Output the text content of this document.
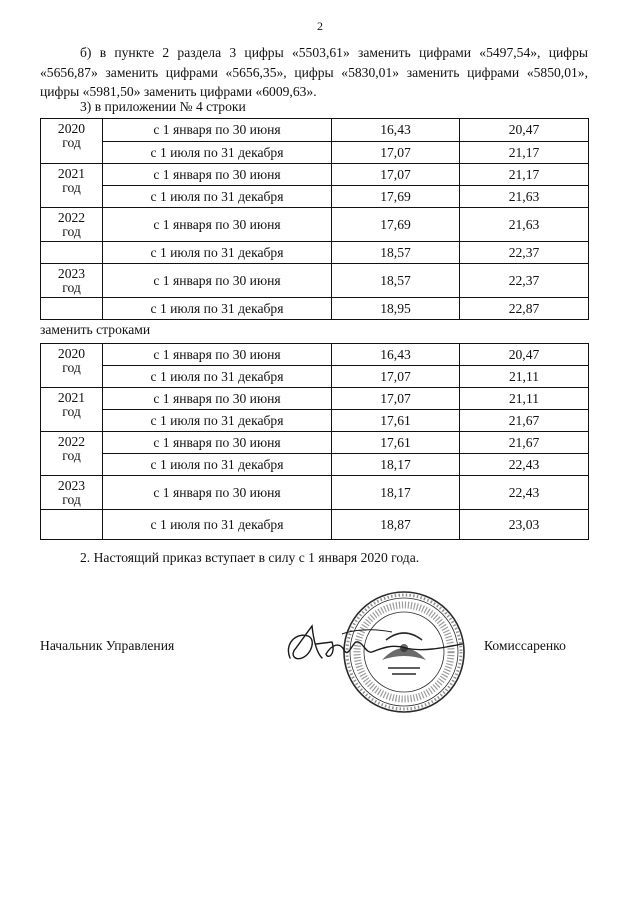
2
б) в пункте 2 раздела 3 цифры «5503,61» заменить цифрами «5497,54», цифры «5656,87» заменить цифрами «5656,35», цифры «5830,01» заменить цифрами «5850,01», цифры «5981,50» заменить цифрами «6009,63».
3) в приложении № 4 строки
2020
год	с 1 января по 30 июня	16,43	20,47
	с 1 июля по 31 декабря	17,07	21,17

2021
год	с 1 января по 30 июня	17,07	21,17
	с 1 июля по 31 декабря	17,69	21,63

2022
год	с 1 января по 30 июня	17,69	21,63
	с 1 июля по 31 декабря	18,57	22,37

2023
год	с 1 января по 30 июня	18,57	22,37
	с 1 июля по 31 декабря	18,95	22,87
заменить строками
2020
год	с 1 января по 30 июня	16,43	20,47
	с 1 июля по 31 декабря	17,07	21,11

2021
год	с 1 января по 30 июня	17,07	21,11
	с 1 июля по 31 декабря	17,61	21,67

2022
год	с 1 января по 30 июня	17,61	21,67
	с 1 июля по 31 декабря	18,17	22,43

2023
год	с 1 января по 30 июня	18,17	22,43
	с 1 июля по 31 декабря	18,87	23,03
2. Настоящий приказ вступает в силу с 1 января 2020 года.
Начальник Управления	Комиссаренко
